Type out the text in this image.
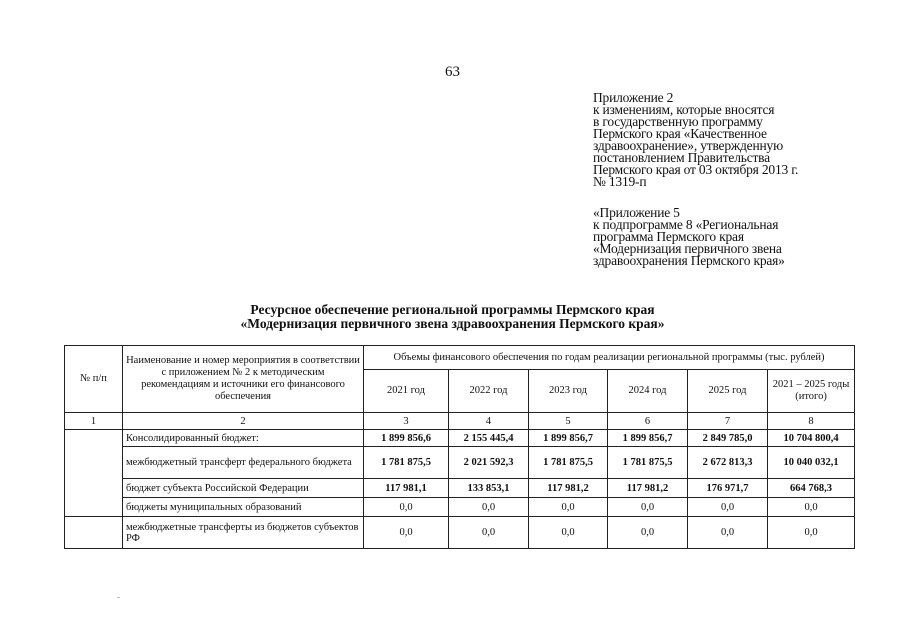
63
Приложение 2
к изменениям, которые вносятся
в государственную программу
Пермского края «Качественное
здравоохранение», утвержденную
постановлением Правительства
Пермского края от 03 октября 2013 г.
№ 1319-п
«Приложение 5
к подпрограмме 8 «Региональная
программа Пермского края
«Модернизация первичного звена
здравоохранения Пермского края»
Ресурсное обеспечение региональной программы Пермского края
«Модернизация первичного звена здравоохранения Пермского края»
№ п/п	Наименование и номер мероприятия в соответствии с приложением № 2 к методическим рекомендациям и источники его финансового обеспечения	Объемы финансового обеспечения по годам реализации региональной программы (тыс. рублей)					
		2021 год	2022 год	2023 год	2024 год	2025 год	2021 – 2025 годы (итого)
1	2	3	4	5	6	7	8
	Консолидированный бюджет:	1 899 856,6	2 155 445,4	1 899 856,7	1 899 856,7	2 849 785,0	10 704 800,4
	межбюджетный трансферт федерального бюджета	1 781 875,5	2 021 592,3	1 781 875,5	1 781 875,5	2 672 813,3	10 040 032,1
	бюджет субъекта Российской Федерации	117 981,1	133 853,1	117 981,2	117 981,2	176 971,7	664 768,3
	бюджеты муниципальных образований	0,0	0,0	0,0	0,0	0,0	0,0
	межбюджетные трансферты из бюджетов субъектов РФ	0,0	0,0	0,0	0,0	0,0	0,0
